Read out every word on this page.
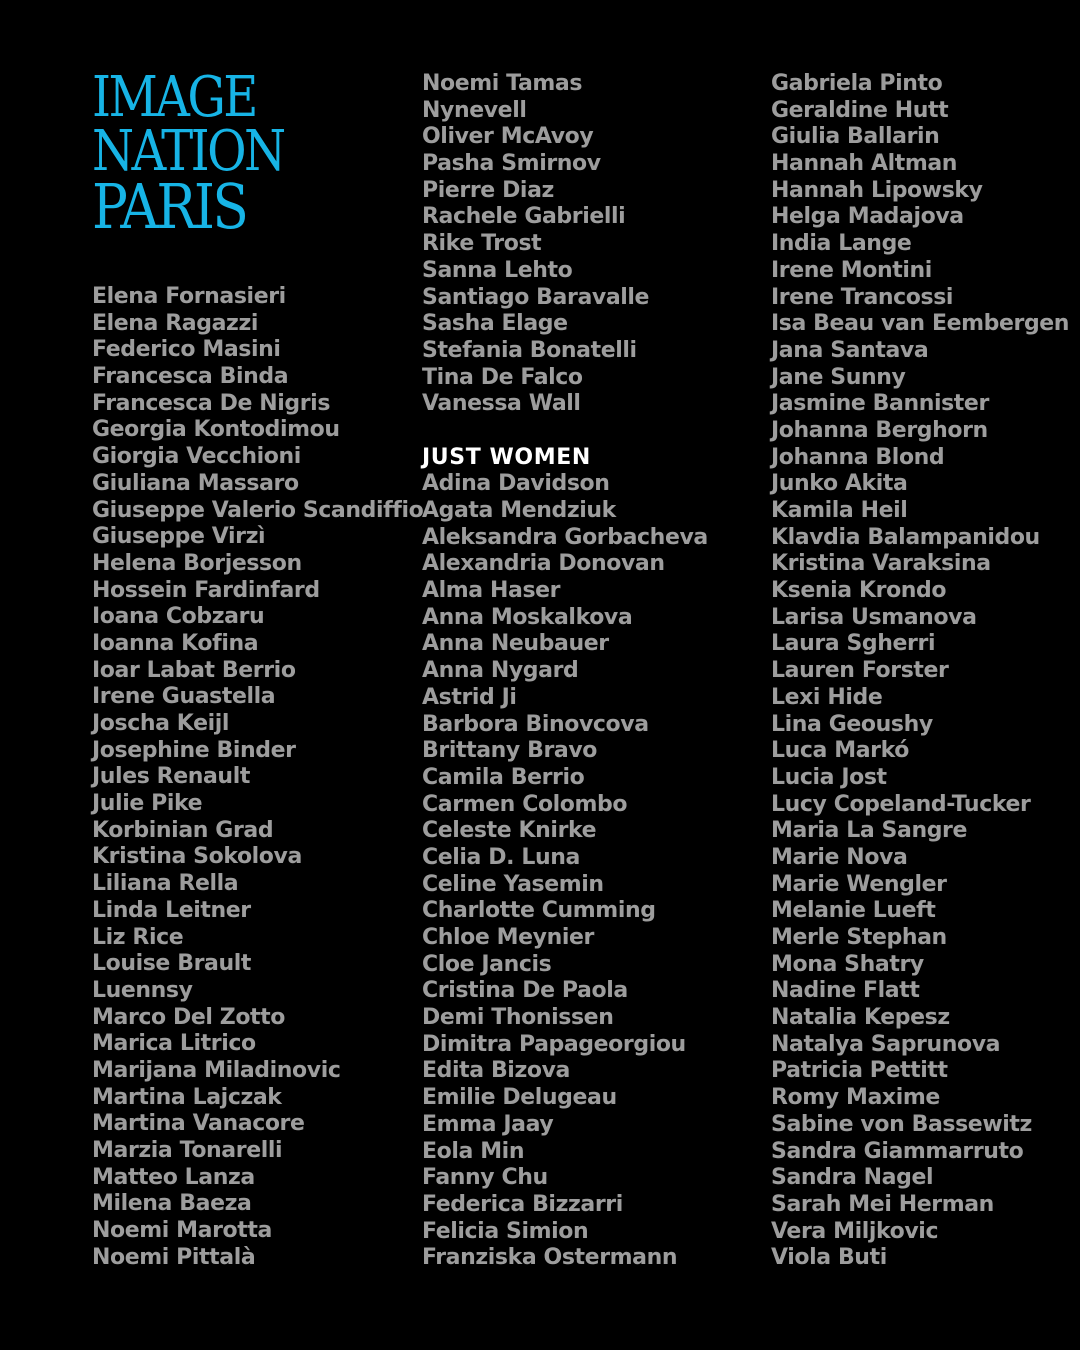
IMAGE
NATION
PARIS
Elena Fornasieri
Elena Ragazzi
Federico Masini
Francesca Binda
Francesca De Nigris
Georgia Kontodimou
Giorgia Vecchioni
Giuliana Massaro
Giuseppe Valerio Scandiffio
Giuseppe Virzì
Helena Borjesson
Hossein Fardinfard
Ioana Cobzaru
Ioanna Kofina
Ioar Labat Berrio
Irene Guastella
Joscha Keijl
Josephine Binder
Jules Renault
Julie Pike
Korbinian Grad
Kristina Sokolova
Liliana Rella
Linda Leitner
Liz Rice
Louise Brault
Luennsy
Marco Del Zotto
Marica Litrico
Marijana Miladinovic
Martina Lajczak
Martina Vanacore
Marzia Tonarelli
Matteo Lanza
Milena Baeza
Noemi Marotta
Noemi Pittalà
Noemi Tamas
Nynevell
Oliver McAvoy
Pasha Smirnov
Pierre Diaz
Rachele Gabrielli
Rike Trost
Sanna Lehto
Santiago Baravalle
Sasha Elage
Stefania Bonatelli
Tina De Falco
Vanessa Wall
JUST WOMEN
Adina Davidson
Agata Mendziuk
Aleksandra Gorbacheva
Alexandria Donovan
Alma Haser
Anna Moskalkova
Anna Neubauer
Anna Nygard
Astrid Ji
Barbora Binovcova
Brittany Bravo
Camila Berrio
Carmen Colombo
Celeste Knirke
Celia D. Luna
Celine Yasemin
Charlotte Cumming
Chloe Meynier
Cloe Jancis
Cristina De Paola
Demi Thonissen
Dimitra Papageorgiou
Edita Bizova
Emilie Delugeau
Emma Jaay
Eola Min
Fanny Chu
Federica Bizzarri
Felicia Simion
Franziska Ostermann
Gabriela Pinto
Geraldine Hutt
Giulia Ballarin
Hannah Altman
Hannah Lipowsky
Helga Madajova
India Lange
Irene Montini
Irene Trancossi
Isa Beau van Eembergen
Jana Santava
Jane Sunny
Jasmine Bannister
Johanna Berghorn
Johanna Blond
Junko Akita
Kamila Heil
Klavdia Balampanidou
Kristina Varaksina
Ksenia Krondo
Larisa Usmanova
Laura Sgherri
Lauren Forster
Lexi Hide
Lina Geoushy
Luca Markó
Lucia Jost
Lucy Copeland-Tucker
Maria La Sangre
Marie Nova
Marie Wengler
Melanie Lueft
Merle Stephan
Mona Shatry
Nadine Flatt
Natalia Kepesz
Natalya Saprunova
Patricia Pettitt
Romy Maxime
Sabine von Bassewitz
Sandra Giammarruto
Sandra Nagel
Sarah Mei Herman
Vera Miljkovic
Viola Buti
